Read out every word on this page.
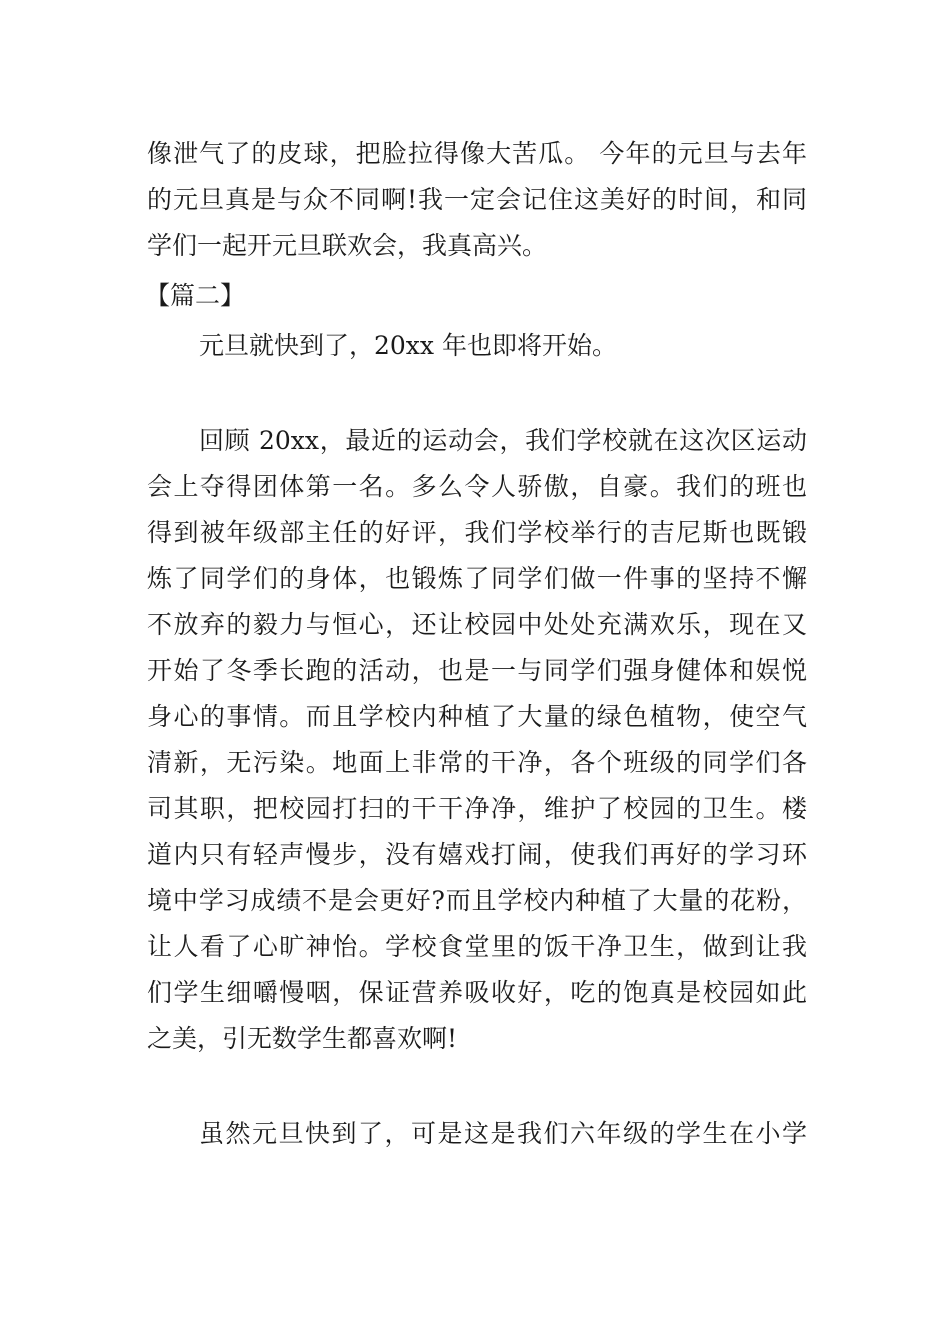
像泄气了的皮球，把脸拉得像大苦瓜。 今年的元旦与去年
的元旦真是与众不同啊!我一定会记住这美好的时间，和同
学们一起开元旦联欢会，我真高兴。
【篇二】
元旦就快到了，20xx 年也即将开始。
回顾 20xx，最近的运动会，我们学校就在这次区运动
会上夺得团体第一名。多么令人骄傲，自豪。我们的班也
得到被年级部主任的好评，我们学校举行的吉尼斯也既锻
炼了同学们的身体，也锻炼了同学们做一件事的坚持不懈
不放弃的毅力与恒心，还让校园中处处充满欢乐，现在又
开始了冬季长跑的活动，也是一与同学们强身健体和娱悦
身心的事情。而且学校内种植了大量的绿色植物，使空气
清新，无污染。地面上非常的干净，各个班级的同学们各
司其职，把校园打扫的干干净净，维护了校园的卫生。楼
道内只有轻声慢步，没有嬉戏打闹，使我们再好的学习环
境中学习成绩不是会更好?而且学校内种植了大量的花粉，
让人看了心旷神怡。学校食堂里的饭干净卫生，做到让我
们学生细嚼慢咽，保证营养吸收好，吃的饱真是校园如此
之美，引无数学生都喜欢啊!
虽然元旦快到了，可是这是我们六年级的学生在小学
